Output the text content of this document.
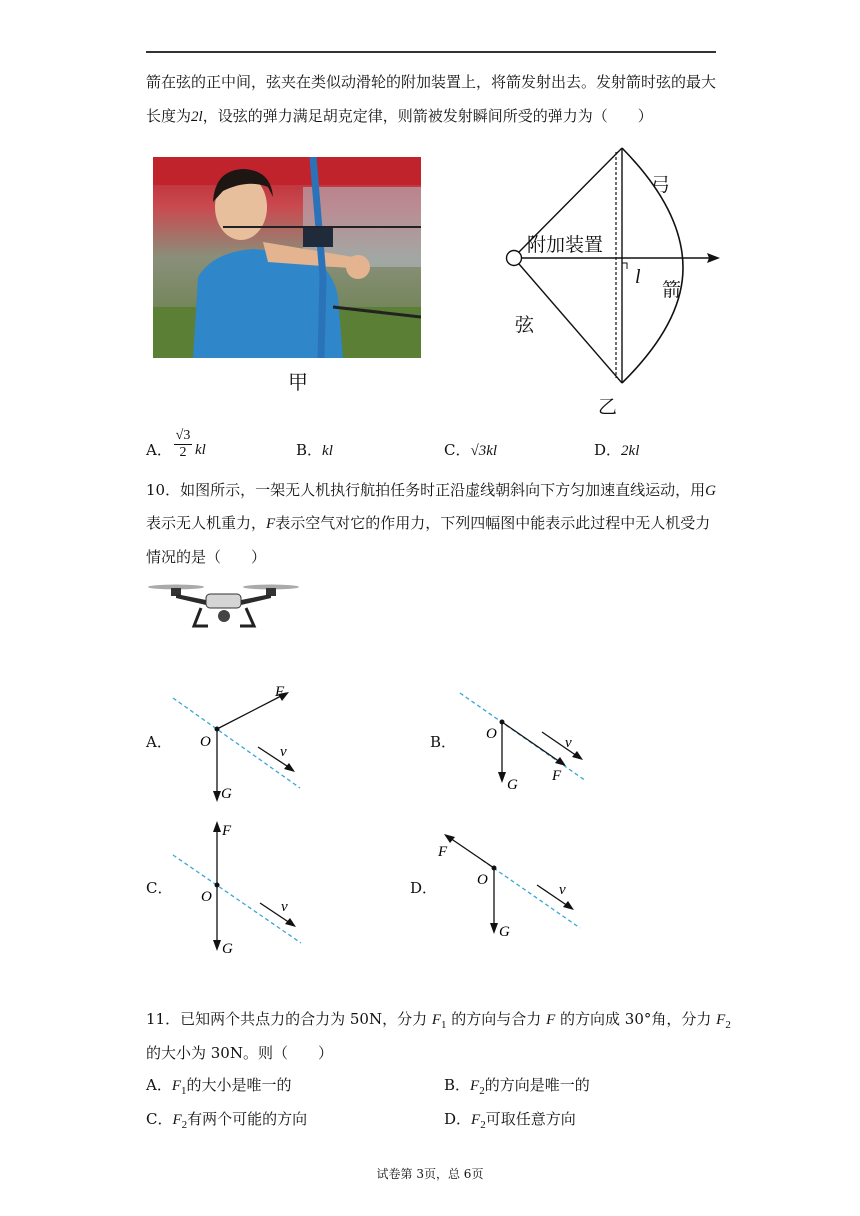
箭在弦的正中间，弦夹在类似动滑轮的附加装置上，将箭发射出去。发射箭时弦的最大
长度为2l，设弦的弹力满足胡克定律，则箭被发射瞬间所受的弹力为（　　）
甲
弓
附加装置
l
箭
弦
乙
A．
√3
2 kl	B．kl	C．√3kl	D．2kl
10．如图所示，一架无人机执行航拍任务时正沿虚线朝斜向下方匀加速直线运动，用G
表示无人机重力，F表示空气对它的作用力，下列四幅图中能表示此过程中无人机受力
情况的是（　　）
A． O
F
G
v
B． O
F
G
v
C． O
F
G
v
D．	O
F
G
v
11．已知两个共点力的合力为 50N，分力 $F_1$ 的方向与合力 F 的方向成 30°角，分力 $F_2$
的大小为 30N。则（　　）
A．$F_1$的大小是唯一的	B．$F_2$的方向是唯一的
C．$F_2$有两个可能的方向	D．$F_2$可取任意方向
试卷第 3页，总 6页
